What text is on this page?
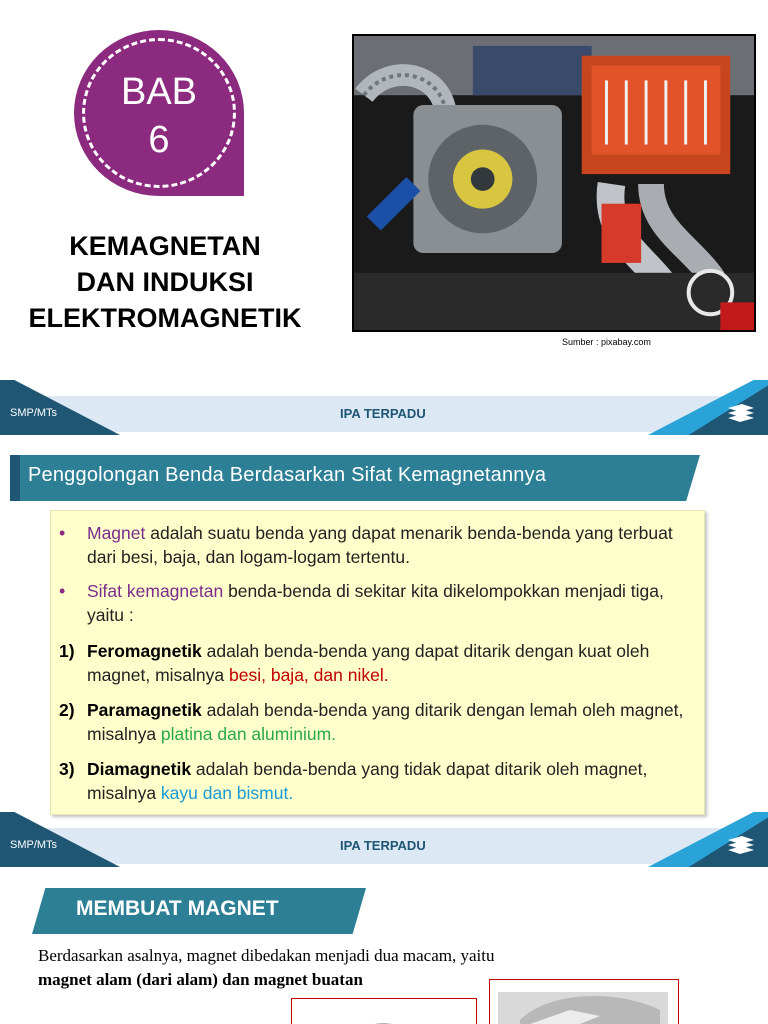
BAB
6
KEMAGNETAN
DAN INDUKSI
ELEKTROMAGNETIK
Sumber : pixabay.com
SMP/MTs	IPA TERPADU
Penggolongan Benda Berdasarkan Sifat Kemagnetannya
• Magnet adalah suatu benda yang dapat menarik benda-benda yang terbuat dari besi, baja, dan logam-logam tertentu.
• Sifat kemagnetan benda-benda di sekitar kita dikelompokkan menjadi tiga, yaitu :
1) Feromagnetik adalah benda-benda yang dapat ditarik dengan kuat oleh magnet, misalnya besi, baja, dan nikel.
2) Paramagnetik adalah benda-benda yang ditarik dengan lemah oleh magnet, misalnya platina dan aluminium.
3) Diamagnetik adalah benda-benda yang tidak dapat ditarik oleh magnet, misalnya kayu dan bismut.
SMP/MTs	IPA TERPADU
MEMBUAT MAGNET
Berdasarkan asalnya, magnet dibedakan menjadi dua macam, yaitu
magnet alam (dari alam) dan magnet buatan
